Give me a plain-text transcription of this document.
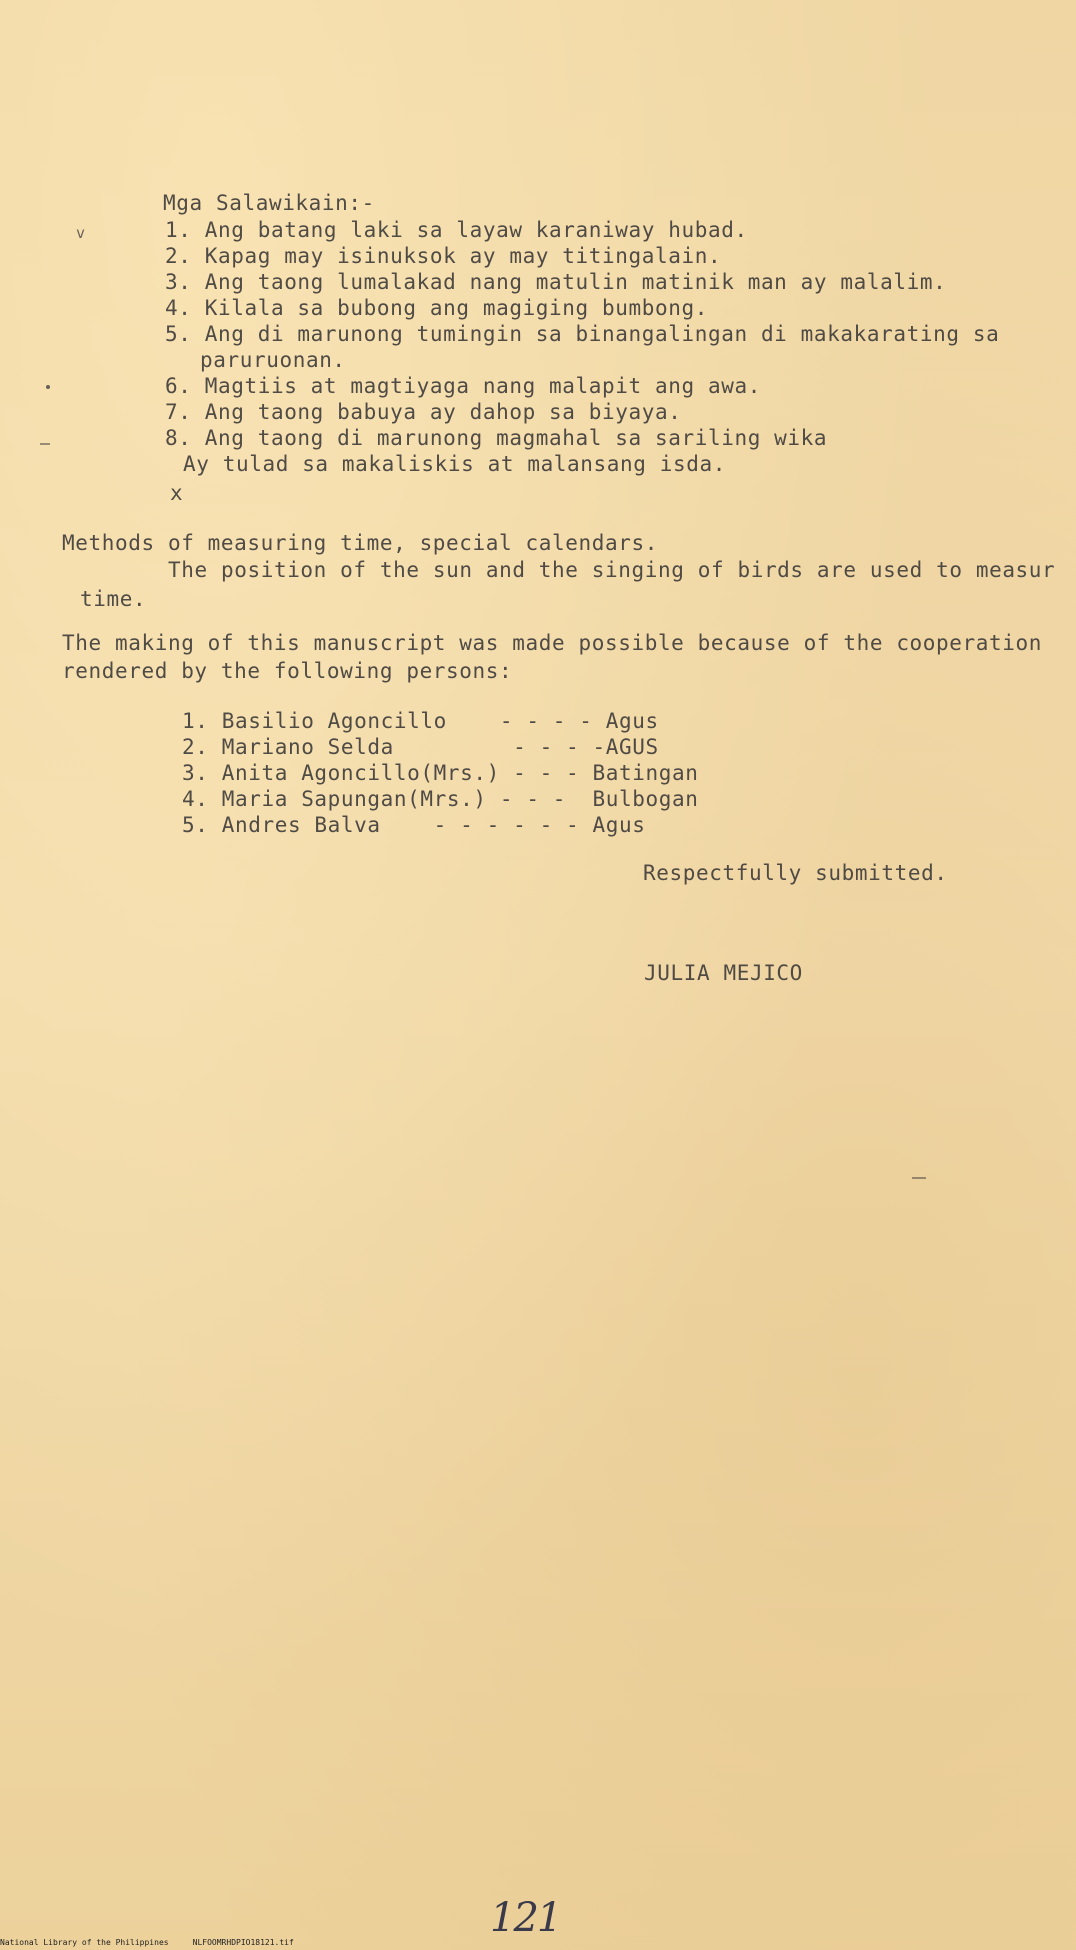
Mga Salawikain:-
v	1. Ang batang laki sa layaw karaniway hubad.
2. Kapag may isinuksok ay may titingalain.
3. Ang taong lumalakad nang matulin matinik man ay malalim.
4. Kilala sa bubong ang magiging bumbong.
5. Ang di marunong tumingin sa binangalingan di makakarating sa
paruruonan.
6. Magtiis at magtiyaga nang malapit ang awa.
7. Ang taong babuya ay dahop sa biyaya.
8. Ang taong di marunong magmahal sa sariling wika
Ay tulad sa makaliskis at malansang isda.
x
Methods of measuring time, special calendars.
The position of the sun and the singing of birds are used to measur
time.
The making of this manuscript was made possible because of the cooperation
rendered by the following persons:
1. Basilio Agoncillo    - - - - Agus
2. Mariano Selda         - - - -AGUS
3. Anita Agoncillo(Mrs.) - - - Batingan
4. Maria Sapungan(Mrs.) - - -  Bulbogan
5. Andres Balva    - - - - - - Agus
Respectfully submitted.
JULIA MEJICO
121
National Library of the Philippines     NLFOOMRHDPIO18121.tif
